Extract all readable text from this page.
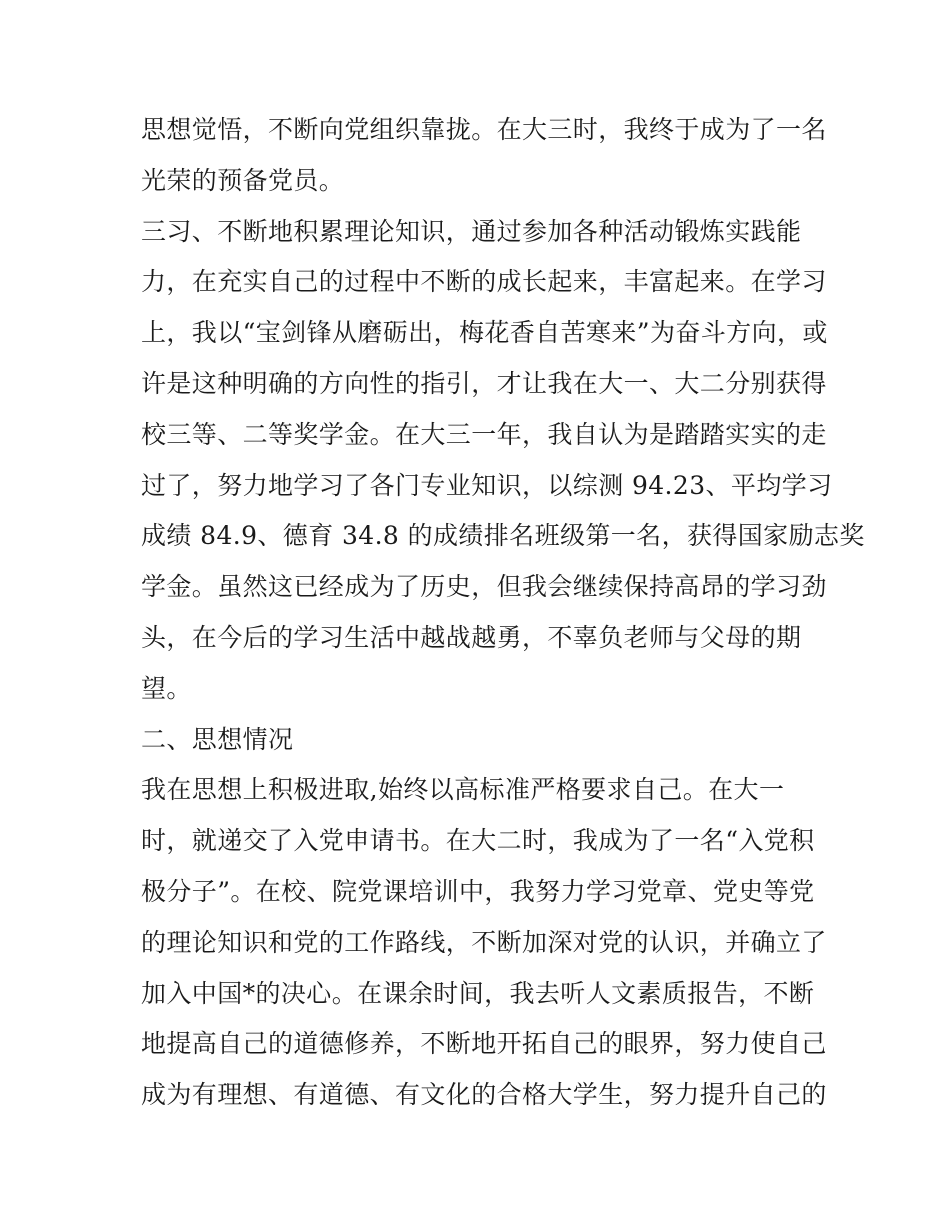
思想觉悟，不断向党组织靠拢。在大三时，我终于成为了一名
光荣的预备党员。
三习、不断地积累理论知识，通过参加各种活动锻炼实践能
力，在充实自己的过程中不断的成长起来，丰富起来。在学习
上，我以“宝剑锋从磨砺出，梅花香自苦寒来”为奋斗方向，或
许是这种明确的方向性的指引，才让我在大一、大二分别获得
校三等、二等奖学金。在大三一年，我自认为是踏踏实实的走
过了，努力地学习了各门专业知识，以综测 94.23、平均学习
成绩 84.9、德育 34.8 的成绩排名班级第一名，获得国家励志奖
学金。虽然这已经成为了历史，但我会继续保持高昂的学习劲
头，在今后的学习生活中越战越勇，不辜负老师与父母的期
望。
二、思想情况
我在思想上积极进取,始终以高标准严格要求自己。在大一
时，就递交了入党申请书。在大二时，我成为了一名“入党积
极分子”。在校、院党课培训中，我努力学习党章、党史等党
的理论知识和党的工作路线，不断加深对党的认识，并确立了
加入中国*的决心。在课余时间，我去听人文素质报告，不断
地提高自己的道德修养，不断地开拓自己的眼界，努力使自己
成为有理想、有道德、有文化的合格大学生，努力提升自己的
